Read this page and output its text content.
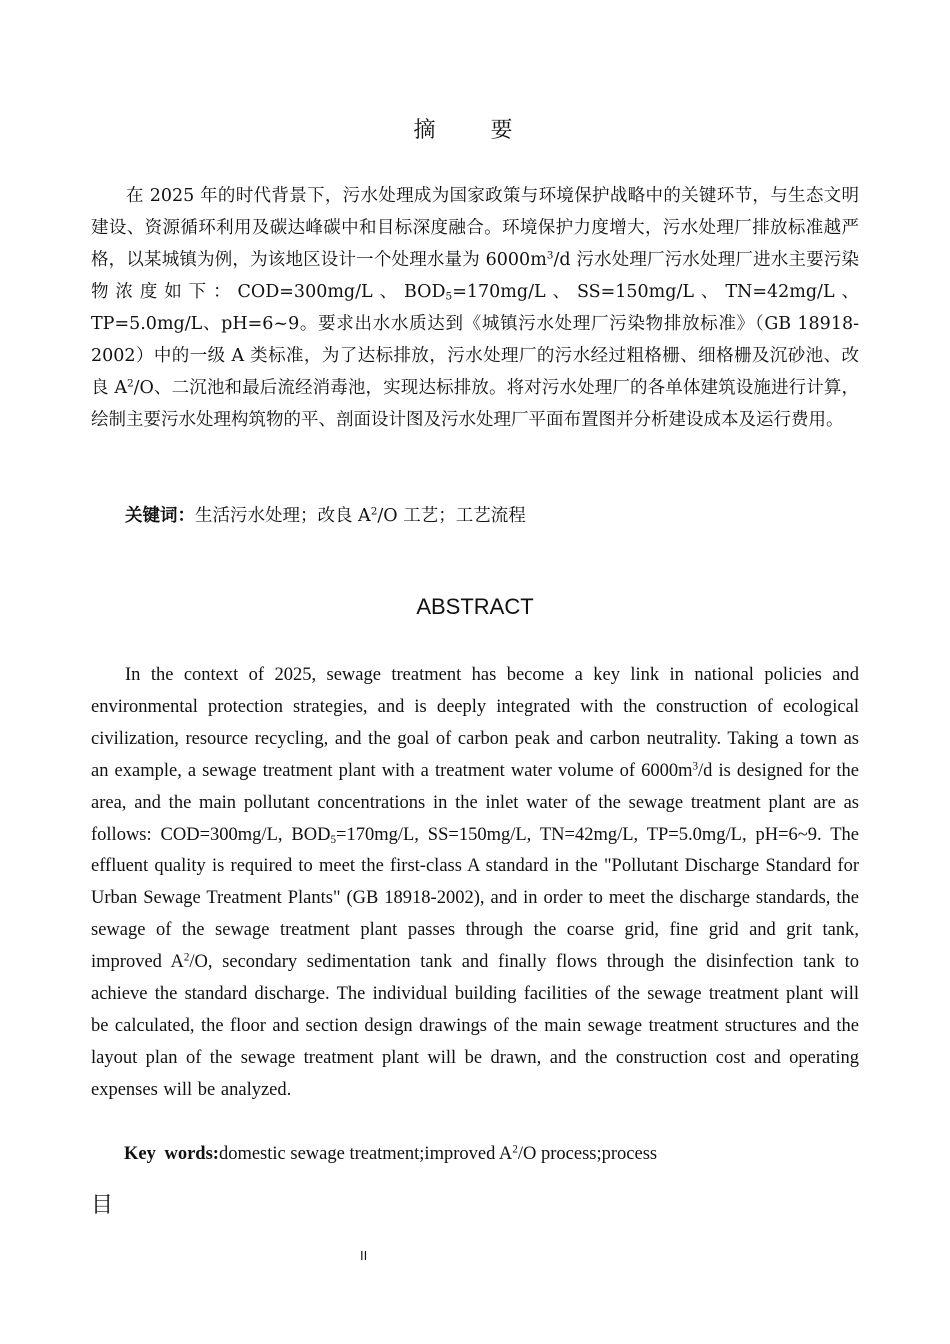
摘 要

在 2025 年的时代背景下，污水处理成为国家政策与环境保护战略中的关键环节，与生态文明建设、资源循环利用及碳达峰碳中和目标深度融合。环境保护力度增大，污水处理厂排放标准越严格，以某城镇为例，为该地区设计一个处理水量为 $6000m^3/d$ 污水处理厂污水处理厂进水主要污染物浓度如下：COD=300mg/L、$BOD_5=170mg/L$、SS=150mg/L、TN=42mg/L、TP=5.0mg/L、pH=6~9。要求出水水质达到《城镇污水处理厂污染物排放标准》（GB 18918-2002）中的一级 A 类标准，为了达标排放，污水处理厂的污水经过粗格栅、细格栅及沉砂池、改良 $A^2/O$、二沉池和最后流经消毒池，实现达标排放。将对污水处理厂的各单体建筑设施进行计算，绘制主要污水处理构筑物的平、剖面设计图及污水处理厂平面布置图并分析建设成本及运行费用。

关键词：生活污水处理；改良 $A^2/O$ 工艺；工艺流程
ABSTRACT

In the context of 2025, sewage treatment has become a key link in national policies and environmental protection strategies, and is deeply integrated with the construction of ecological civilization, resource recycling, and the goal of carbon peak and carbon neutrality. Taking a town as an example, a sewage treatment plant with a treatment water volume of $6000m^3/d$ is designed for the area, and the main pollutant concentrations in the inlet water of the sewage treatment plant are as follows: COD=300mg/L, $BOD_5=170mg/L$, SS=150mg/L, TN=42mg/L, TP=5.0mg/L, pH=6~9. The effluent quality is required to meet the first-class A standard in the "Pollutant Discharge Standard for Urban Sewage Treatment Plants" (GB 18918-2002), and in order to meet the discharge standards, the sewage of the sewage treatment plant passes through the coarse grid, fine grid and grit tank, improved $A^2/O$, secondary sedimentation tank and finally flows through the disinfection tank to achieve the standard discharge. The individual building facilities of the sewage treatment plant will be calculated, the floor and section design drawings of the main sewage treatment structures and the layout plan of the sewage treatment plant will be drawn, and the construction cost and operating expenses will be analyzed.

Key words:domestic sewage treatment;improved $A^2/O$ process;process
目
II
